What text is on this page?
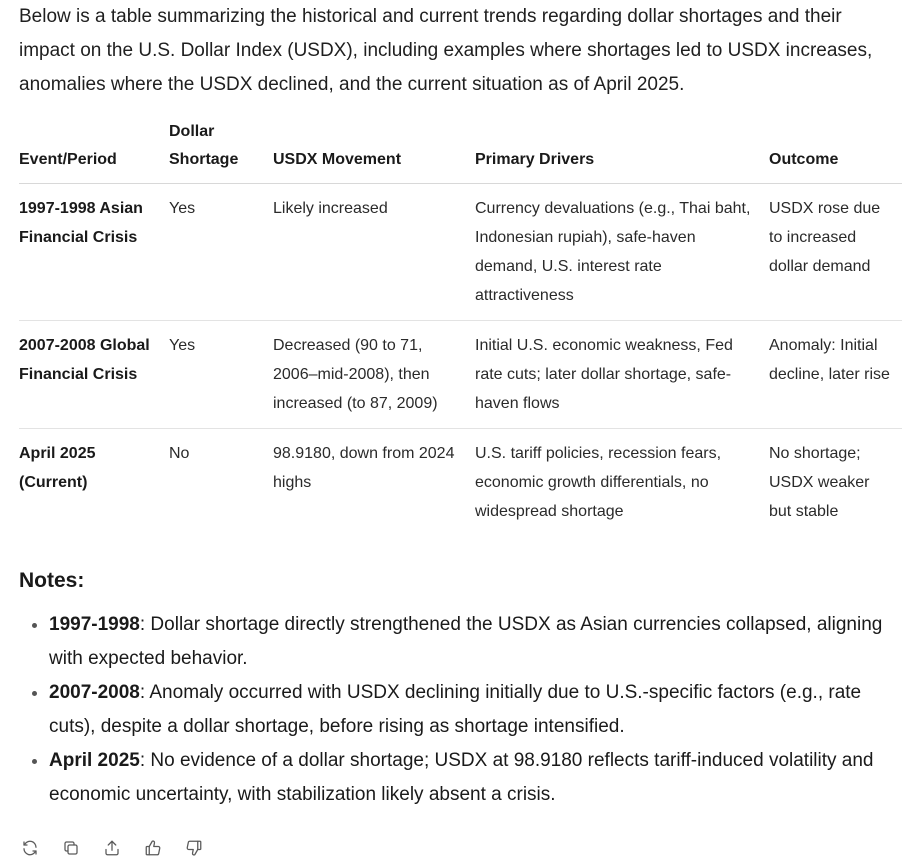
Below is a table summarizing the historical and current trends regarding dollar shortages and their impact on the U.S. Dollar Index (USDX), including examples where shortages led to USDX increases, anomalies where the USDX declined, and the current situation as of April 2025.

Event/Period	Dollar Shortage	USDX Movement	Primary Drivers	Outcome
1997-1998 Asian Financial Crisis	Yes	Likely increased	Currency devaluations (e.g., Thai baht, Indonesian rupiah), safe-haven demand, U.S. interest rate attractiveness	USDX rose due to increased dollar demand
2007-2008 Global Financial Crisis	Yes	Decreased (90 to 71, 2006–mid-2008), then increased (to 87, 2009)	Initial U.S. economic weakness, Fed rate cuts; later dollar shortage, safe-haven flows	Anomaly: Initial decline, later rise
April 2025 (Current)	No	98.9180, down from 2024 highs	U.S. tariff policies, recession fears, economic growth differentials, no widespread shortage	No shortage; USDX weaker but stable
Notes:
• 1997-1998: Dollar shortage directly strengthened the USDX as Asian currencies collapsed, aligning with expected behavior.
• 2007-2008: Anomaly occurred with USDX declining initially due to U.S.-specific factors (e.g., rate cuts), despite a dollar shortage, before rising as shortage intensified.
• April 2025: No evidence of a dollar shortage; USDX at 98.9180 reflects tariff-induced volatility and economic uncertainty, with stabilization likely absent a crisis.
